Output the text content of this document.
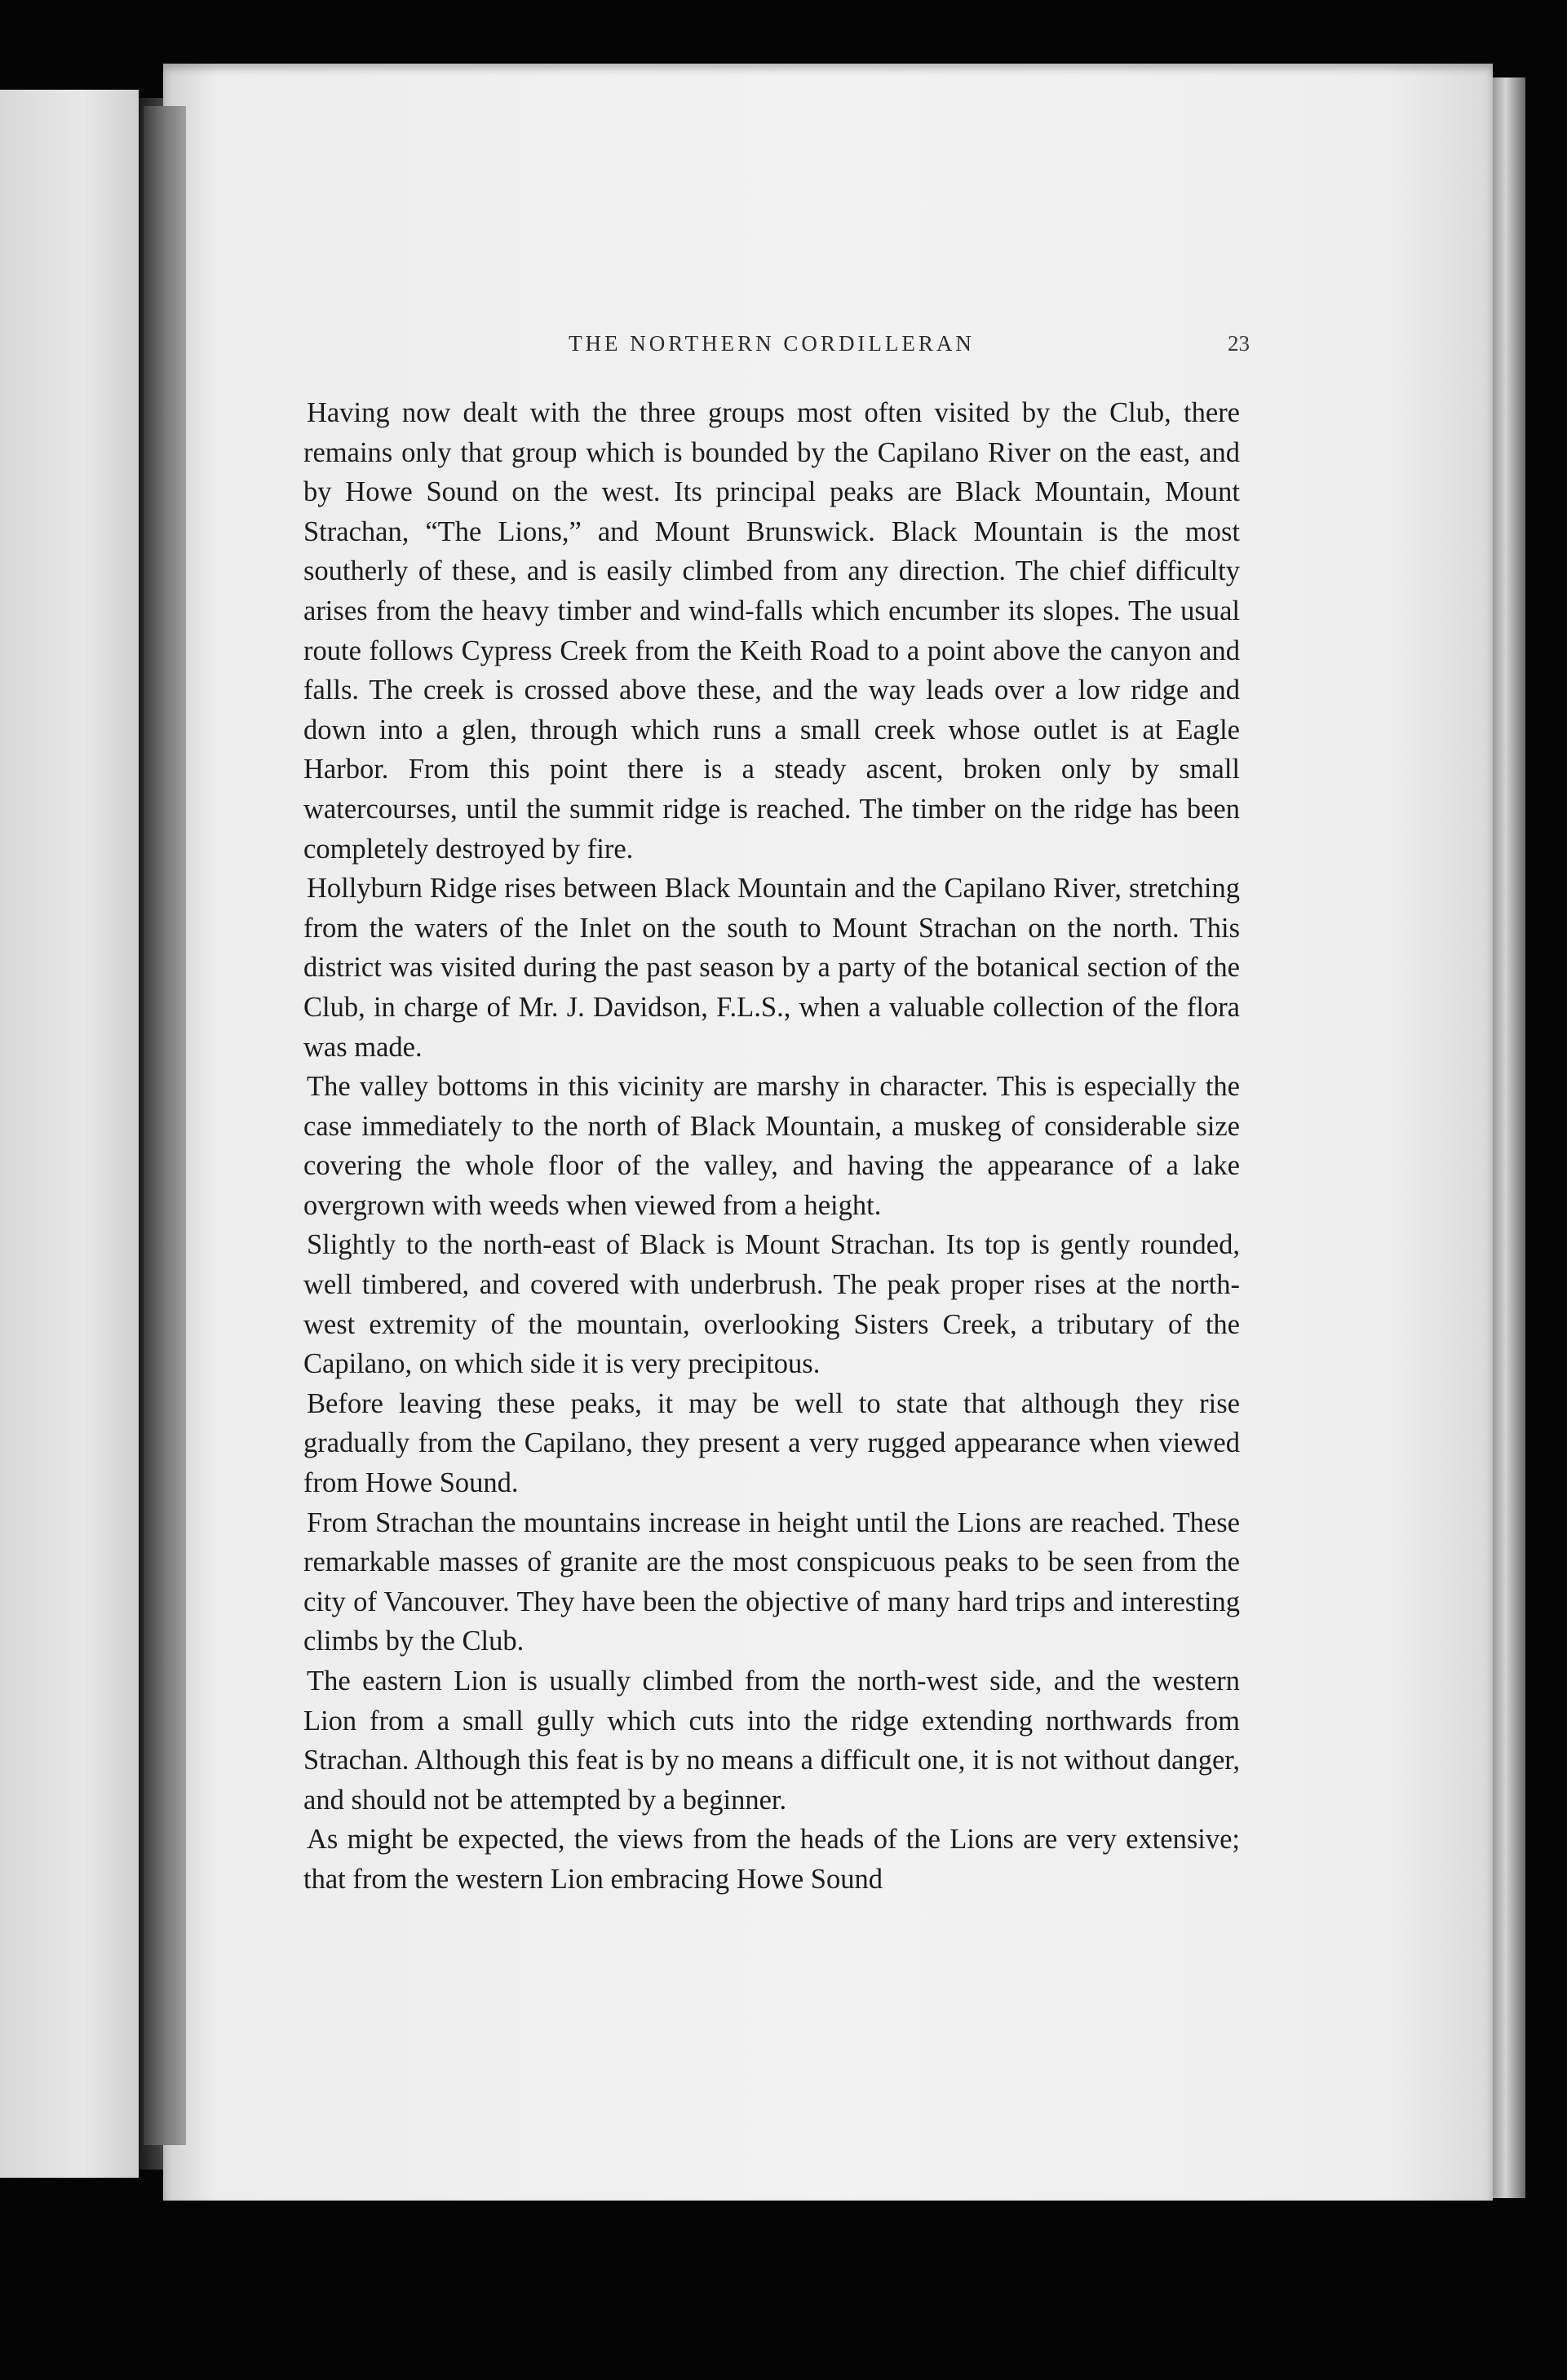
THE NORTHERN CORDILLERAN	23

Having now dealt with the three groups most often visited by the Club, there remains only that group which is bounded by the Capilano River on the east, and by Howe Sound on the west. Its principal peaks are Black Mountain, Mount Strachan, “The Lions,” and Mount Brunswick. Black Mountain is the most southerly of these, and is easily climbed from any direction. The chief difficulty arises from the heavy timber and wind-falls which encumber its slopes. The usual route follows Cypress Creek from the Keith Road to a point above the canyon and falls. The creek is crossed above these, and the way leads over a low ridge and down into a glen, through which runs a small creek whose outlet is at Eagle Harbor. From this point there is a steady ascent, broken only by small watercourses, until the summit ridge is reached. The timber on the ridge has been completely destroyed by fire.

Hollyburn Ridge rises between Black Mountain and the Capilano River, stretching from the waters of the Inlet on the south to Mount Strachan on the north. This district was visited during the past season by a party of the botanical section of the Club, in charge of Mr. J. Davidson, F.L.S., when a valuable collection of the flora was made.

The valley bottoms in this vicinity are marshy in character. This is especially the case immediately to the north of Black Mountain, a muskeg of considerable size covering the whole floor of the valley, and having the appearance of a lake overgrown with weeds when viewed from a height.

Slightly to the north-east of Black is Mount Strachan. Its top is gently rounded, well timbered, and covered with underbrush. The peak proper rises at the north-west extremity of the mountain, overlooking Sisters Creek, a tributary of the Capilano, on which side it is very precipitous.

Before leaving these peaks, it may be well to state that although they rise gradually from the Capilano, they present a very rugged appearance when viewed from Howe Sound.

From Strachan the mountains increase in height until the Lions are reached. These remarkable masses of granite are the most conspicuous peaks to be seen from the city of Vancouver. They have been the objective of many hard trips and interesting climbs by the Club.

The eastern Lion is usually climbed from the north-west side, and the western Lion from a small gully which cuts into the ridge extending northwards from Strachan. Although this feat is by no means a difficult one, it is not without danger, and should not be attempted by a beginner.

As might be expected, the views from the heads of the Lions are very extensive; that from the western Lion embracing Howe Sound
